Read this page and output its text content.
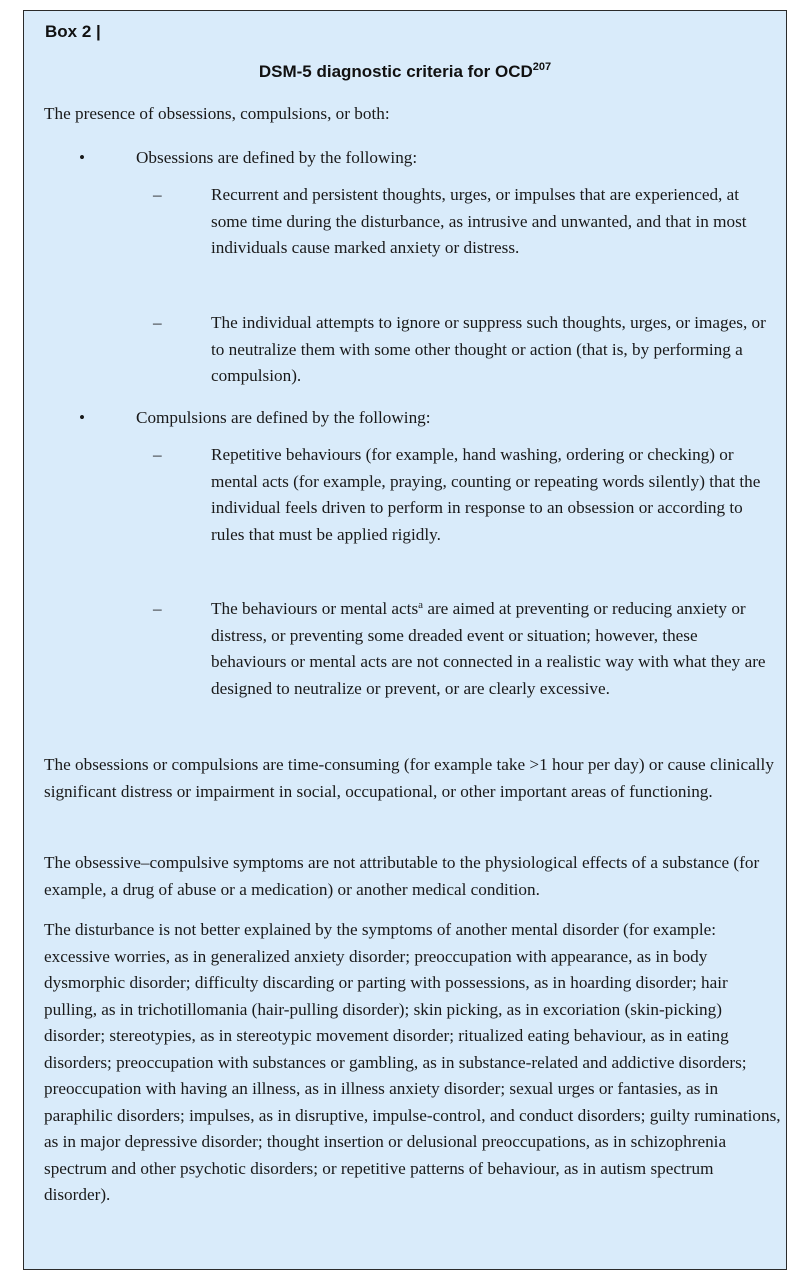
Box 2 |
DSM-5 diagnostic criteria for OCD$^{207}$
The presence of obsessions, compulsions, or both:
•	Obsessions are defined by the following:
–	Recurrent and persistent thoughts, urges, or impulses that are experienced, at some time during the disturbance, as intrusive and unwanted, and that in most individuals cause marked anxiety or distress.
–	The individual attempts to ignore or suppress such thoughts, urges, or images, or to neutralize them with some other thought or action (that is, by performing a compulsion).
•	Compulsions are defined by the following:
–	Repetitive behaviours (for example, hand washing, ordering or checking) or mental acts (for example, praying, counting or repeating words silently) that the individual feels driven to perform in response to an obsession or according to rules that must be applied rigidly.
–	The behaviours or mental acts$^a$ are aimed at preventing or reducing anxiety or distress, or preventing some dreaded event or situation; however, these behaviours or mental acts are not connected in a realistic way with what they are designed to neutralize or prevent, or are clearly excessive.
The obsessions or compulsions are time-consuming (for example take >1 hour per day) or cause clinically significant distress or impairment in social, occupational, or other important areas of functioning.
The obsessive–compulsive symptoms are not attributable to the physiological effects of a substance (for example, a drug of abuse or a medication) or another medical condition.
The disturbance is not better explained by the symptoms of another mental disorder (for example: excessive worries, as in generalized anxiety disorder; preoccupation with appearance, as in body dysmorphic disorder; difficulty discarding or parting with possessions, as in hoarding disorder; hair pulling, as in trichotillomania (hair-pulling disorder); skin picking, as in excoriation (skin-picking) disorder; stereotypies, as in stereotypic movement disorder; ritualized eating behaviour, as in eating disorders; preoccupation with substances or gambling, as in substance-related and addictive disorders; preoccupation with having an illness, as in illness anxiety disorder; sexual urges or fantasies, as in paraphilic disorders; impulses, as in disruptive, impulse-control, and conduct disorders; guilty ruminations, as in major depressive disorder; thought insertion or delusional preoccupations, as in schizophrenia spectrum and other psychotic disorders; or repetitive patterns of behaviour, as in autism spectrum disorder).
